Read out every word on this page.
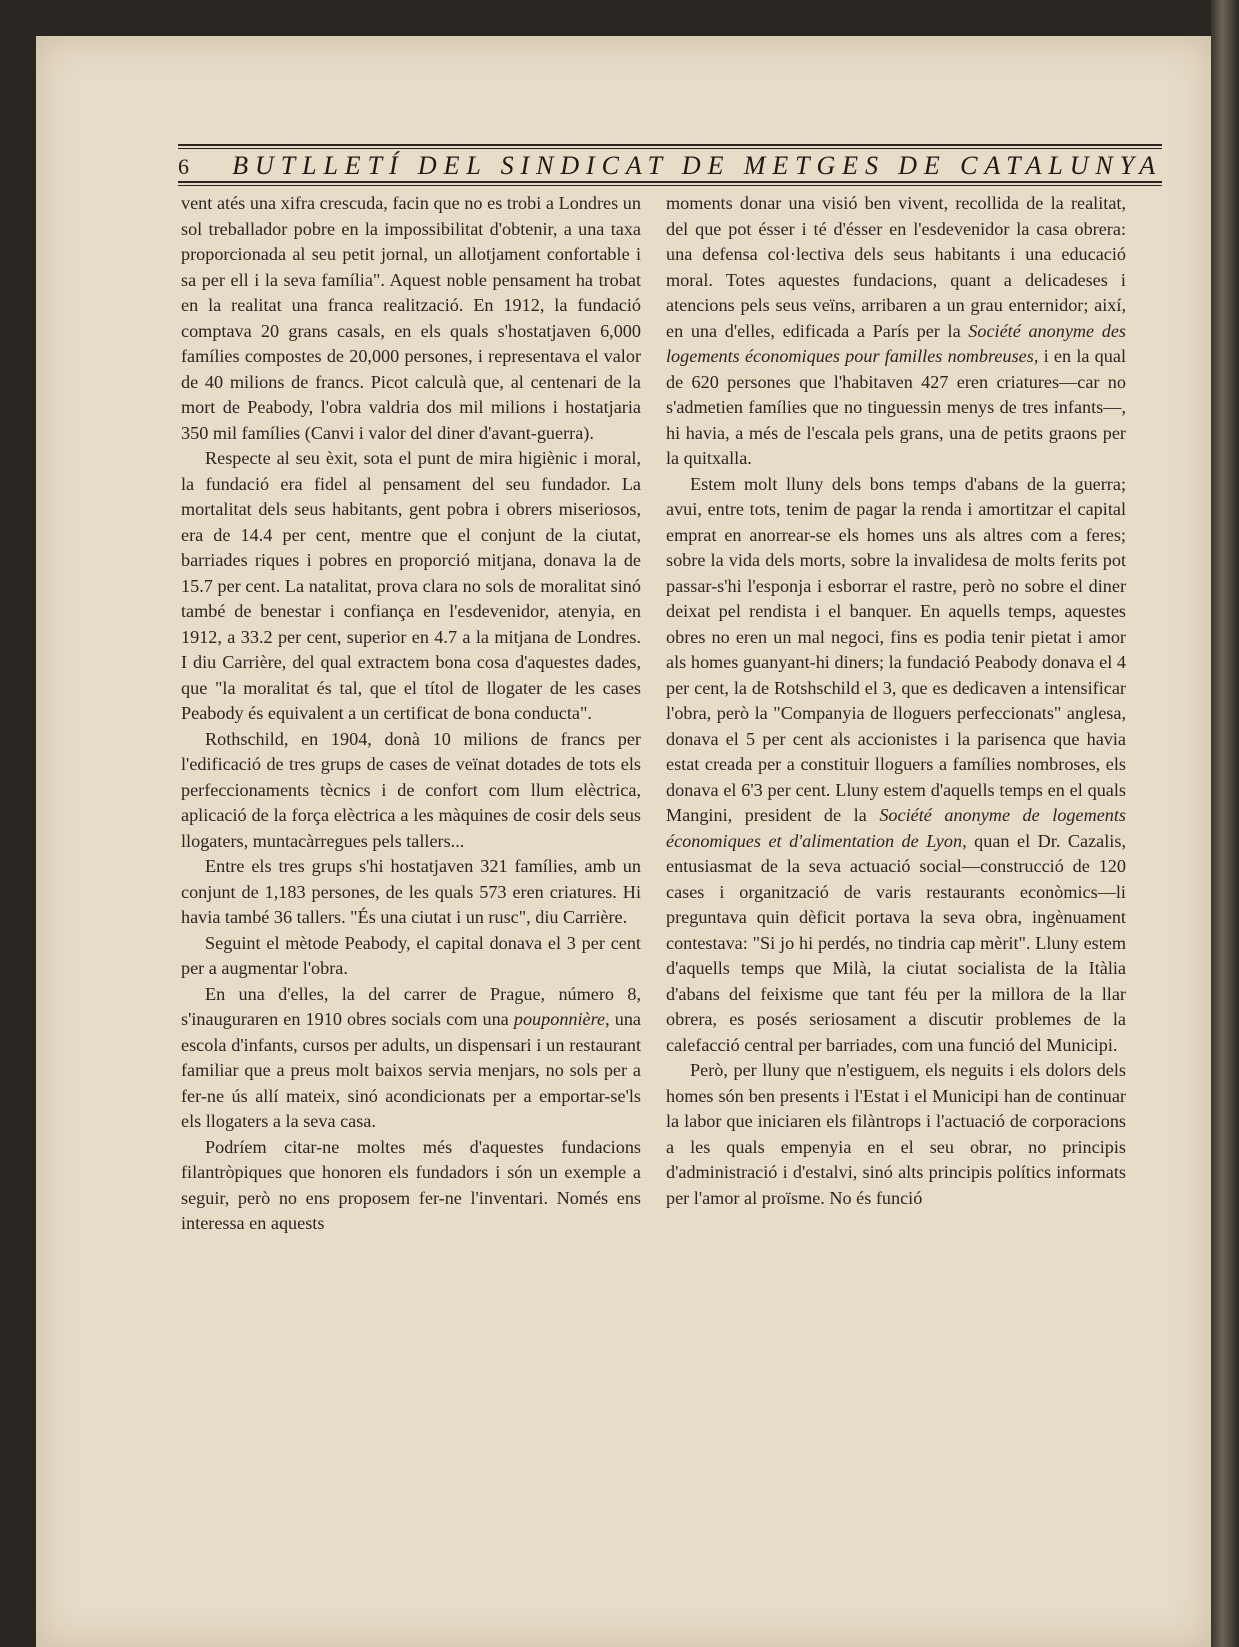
6 BUTLLETÍ DEL SINDICAT DE METGES DE CATALUNYA

vent atés una xifra crescuda, facin que no es trobi a Londres un sol treballador pobre en la impossibilitat d'obtenir, a una taxa proporcionada al seu petit jornal, un allotjament confortable i sa per ell i la seva família". Aquest noble pensament ha trobat en la realitat una franca realització. En 1912, la fundació comptava 20 grans casals, en els quals s'hostatjaven 6,000 famílies compostes de 20,000 persones, i representava el valor de 40 milions de francs. Picot calculà que, al centenari de la mort de Peabody, l'obra valdria dos mil milions i hostatjaria 350 mil famílies (Canvi i valor del diner d'avant-guerra).

Respecte al seu èxit, sota el punt de mira higiènic i moral, la fundació era fidel al pensament del seu fundador. La mortalitat dels seus habitants, gent pobra i obrers miseriosos, era de 14.4 per cent, mentre que el conjunt de la ciutat, barriades riques i pobres en proporció mitjana, donava la de 15.7 per cent. La natalitat, prova clara no sols de moralitat sinó també de benestar i confiança en l'esdevenidor, atenyia, en 1912, a 33.2 per cent, superior en 4.7 a la mitjana de Londres. I diu Carrière, del qual extractem bona cosa d'aquestes dades, que "la moralitat és tal, que el títol de llogater de les cases Peabody és equivalent a un certificat de bona conducta".

Rothschild, en 1904, donà 10 milions de francs per l'edificació de tres grups de cases de veïnat dotades de tots els perfeccionaments tècnics i de confort com llum elèctrica, aplicació de la força elèctrica a les màquines de cosir dels seus llogaters, muntacàrregues pels tallers...

Entre els tres grups s'hi hostatjaven 321 famílies, amb un conjunt de 1,183 persones, de les quals 573 eren criatures. Hi havia també 36 tallers. "És una ciutat i un rusc", diu Carrière.

Seguint el mètode Peabody, el capital donava el 3 per cent per a augmentar l'obra.

En una d'elles, la del carrer de Prague, número 8, s'inauguraren en 1910 obres socials com una pouponnière, una escola d'infants, cursos per adults, un dispensari i un restaurant familiar que a preus molt baixos servia menjars, no sols per a fer-ne ús allí mateix, sinó acondicionats per a emportar-se'ls els llogaters a la seva casa.

Podríem citar-ne moltes més d'aquestes fundacions filantròpiques que honoren els fundadors i són un exemple a seguir, però no ens proposem fer-ne l'inventari. Només ens interessa en aquests

moments donar una visió ben vivent, recollida de la realitat, del que pot ésser i té d'ésser en l'esdevenidor la casa obrera: una defensa col·lectiva dels seus habitants i una educació moral. Totes aquestes fundacions, quant a delicadeses i atencions pels seus veïns, arribaren a un grau enternidor; així, en una d'elles, edificada a París per la Société anonyme des logements économiques pour familles nombreuses, i en la qual de 620 persones que l'habitaven 427 eren criatures—car no s'admetien famílies que no tinguessin menys de tres infants—, hi havia, a més de l'escala pels grans, una de petits graons per la quitxalla.

Estem molt lluny dels bons temps d'abans de la guerra; avui, entre tots, tenim de pagar la renda i amortitzar el capital emprat en anorrear-se els homes uns als altres com a feres; sobre la vida dels morts, sobre la invalidesa de molts ferits pot passar-s'hi l'esponja i esborrar el rastre, però no sobre el diner deixat pel rendista i el banquer. En aquells temps, aquestes obres no eren un mal negoci, fins es podia tenir pietat i amor als homes guanyant-hi diners; la fundació Peabody donava el 4 per cent, la de Rotshschild el 3, que es dedicaven a intensificar l'obra, però la "Companyia de lloguers perfeccionats" anglesa, donava el 5 per cent als accionistes i la parisenca que havia estat creada per a constituir lloguers a famílies nombroses, els donava el 6'3 per cent. Lluny estem d'aquells temps en el quals Mangini, president de la Société anonyme de logements économiques et d'alimentation de Lyon, quan el Dr. Cazalis, entusiasmat de la seva actuació social—construcció de 120 cases i organització de varis restaurants econòmics—li preguntava quin dèficit portava la seva obra, ingènuament contestava: "Si jo hi perdés, no tindria cap mèrit". Lluny estem d'aquells temps que Milà, la ciutat socialista de la Itàlia d'abans del feixisme que tant féu per la millora de la llar obrera, es posés seriosament a discutir problemes de la calefacció central per barriades, com una funció del Municipi.

Però, per lluny que n'estiguem, els neguits i els dolors dels homes són ben presents i l'Estat i el Municipi han de continuar la labor que iniciaren els filàntrops i l'actuació de corporacions a les quals empenyia en el seu obrar, no principis d'administració i d'estalvi, sinó alts principis polítics informats per l'amor al proïsme. No és funció
